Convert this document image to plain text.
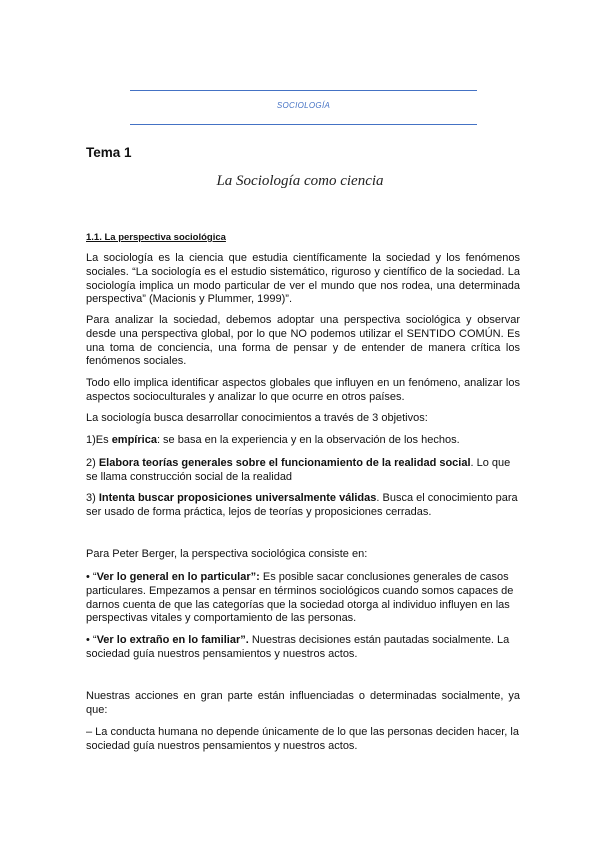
SOCIOLOGÍA
Tema 1
La Sociología como ciencia
1.1. La perspectiva sociológica

La sociología es la ciencia que estudia científicamente la sociedad y los fenómenos sociales. “La sociología es el estudio sistemático, riguroso y científico de la sociedad. La sociología implica un modo particular de ver el mundo que nos rodea, una determinada perspectiva” (Macionis y Plummer, 1999)”.

Para analizar la sociedad, debemos adoptar una perspectiva sociológica y observar desde una perspectiva global, por lo que NO podemos utilizar el SENTIDO COMÚN. Es una toma de conciencia, una forma de pensar y de entender de manera crítica los fenómenos sociales.

Todo ello implica identificar aspectos globales que influyen en un fenómeno, analizar los aspectos socioculturales y analizar lo que ocurre en otros países.

La sociología busca desarrollar conocimientos a través de 3 objetivos:

1)Es empírica: se basa en la experiencia y en la observación de los hechos.

2) Elabora teorías generales sobre el funcionamiento de la realidad social. Lo que se llama construcción social de la realidad

3) Intenta buscar proposiciones universalmente válidas. Busca el conocimiento para ser usado de forma práctica, lejos de teorías y proposiciones cerradas.

Para Peter Berger, la perspectiva sociológica consiste en:

• “Ver lo general en lo particular”: Es posible sacar conclusiones generales de casos particulares. Empezamos a pensar en términos sociológicos cuando somos capaces de darnos cuenta de que las categorías que la sociedad otorga al individuo influyen en las perspectivas vitales y comportamiento de las personas.

• “Ver lo extraño en lo familiar”. Nuestras decisiones están pautadas socialmente. La sociedad guía nuestros pensamientos y nuestros actos.

Nuestras acciones en gran parte están influenciadas o determinadas socialmente, ya que:

– La conducta humana no depende únicamente de lo que las personas deciden hacer, la sociedad guía nuestros pensamientos y nuestros actos.
